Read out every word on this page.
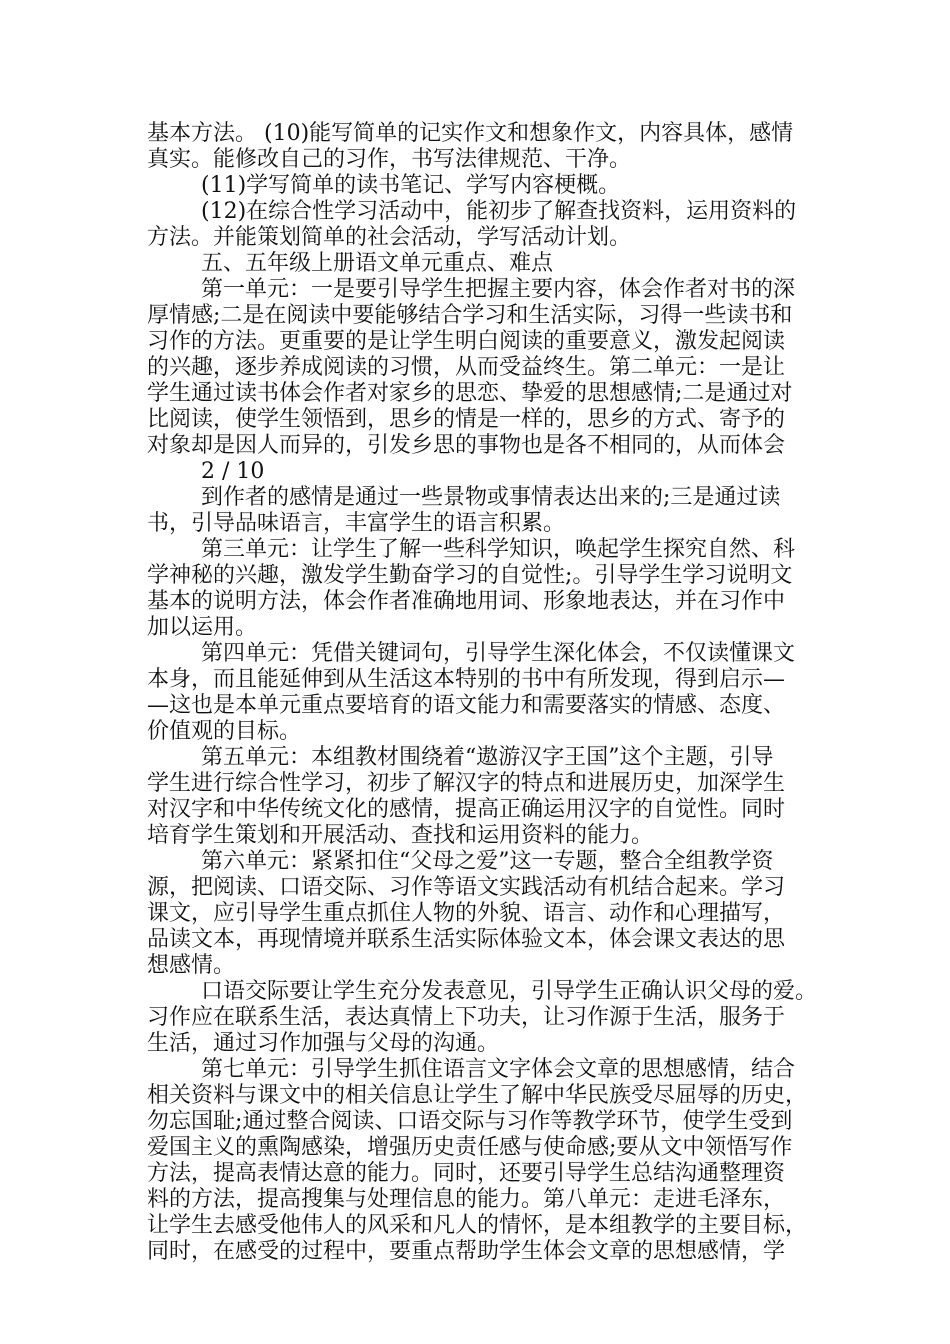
基本方法。 (10)能写简单的记实作文和想象作文，内容具体，感情
真实。能修改自己的习作，书写法律规范、干净。
(11)学写简单的读书笔记、学写内容梗概。
(12)在综合性学习活动中，能初步了解查找资料，运用资料的
方法。并能策划简单的社会活动，学写活动计划。
五、五年级上册语文单元重点、难点
第一单元：一是要引导学生把握主要内容，体会作者对书的深
厚情感;二是在阅读中要能够结合学习和生活实际，习得一些读书和
习作的方法。更重要的是让学生明白阅读的重要意义，激发起阅读
的兴趣，逐步养成阅读的习惯，从而受益终生。第二单元：一是让
学生通过读书体会作者对家乡的思恋、挚爱的思想感情;二是通过对
比阅读，使学生领悟到，思乡的情是一样的，思乡的方式、寄予的
对象却是因人而异的，引发乡思的事物也是各不相同的，从而体会
2 / 10
到作者的感情是通过一些景物或事情表达出来的;三是通过读
书，引导品味语言，丰富学生的语言积累。
第三单元：让学生了解一些科学知识，唤起学生探究自然、科
学神秘的兴趣，激发学生勤奋学习的自觉性;。引导学生学习说明文
基本的说明方法，体会作者准确地用词、形象地表达，并在习作中
加以运用。
第四单元：凭借关键词句，引导学生深化体会，不仅读懂课文
本身，而且能延伸到从生活这本特别的书中有所发现，得到启示—
—这也是本单元重点要培育的语文能力和需要落实的情感、态度、
价值观的目标。
第五单元：本组教材围绕着“遨游汉字王国”这个主题，引导
学生进行综合性学习，初步了解汉字的特点和进展历史，加深学生
对汉字和中华传统文化的感情，提高正确运用汉字的自觉性。同时
培育学生策划和开展活动、查找和运用资料的能力。
第六单元：紧紧扣住“父母之爱”这一专题，整合全组教学资
源，把阅读、口语交际、习作等语文实践活动有机结合起来。学习
课文，应引导学生重点抓住人物的外貌、语言、动作和心理描写，
品读文本，再现情境并联系生活实际体验文本，体会课文表达的思
想感情。
口语交际要让学生充分发表意见，引导学生正确认识父母的爱。
习作应在联系生活，表达真情上下功夫，让习作源于生活，服务于
生活，通过习作加强与父母的沟通。
第七单元：引导学生抓住语言文字体会文章的思想感情，结合
相关资料与课文中的相关信息让学生了解中华民族受尽屈辱的历史，
勿忘国耻;通过整合阅读、口语交际与习作等教学环节，使学生受到
爱国主义的熏陶感染，增强历史责任感与使命感;要从文中领悟写作
方法，提高表情达意的能力。同时，还要引导学生总结沟通整理资
料的方法，提高搜集与处理信息的能力。第八单元：走进毛泽东，
让学生去感受他伟人的风采和凡人的情怀，是本组教学的主要目标，
同时，在感受的过程中，要重点帮助学生体会文章的思想感情，学
